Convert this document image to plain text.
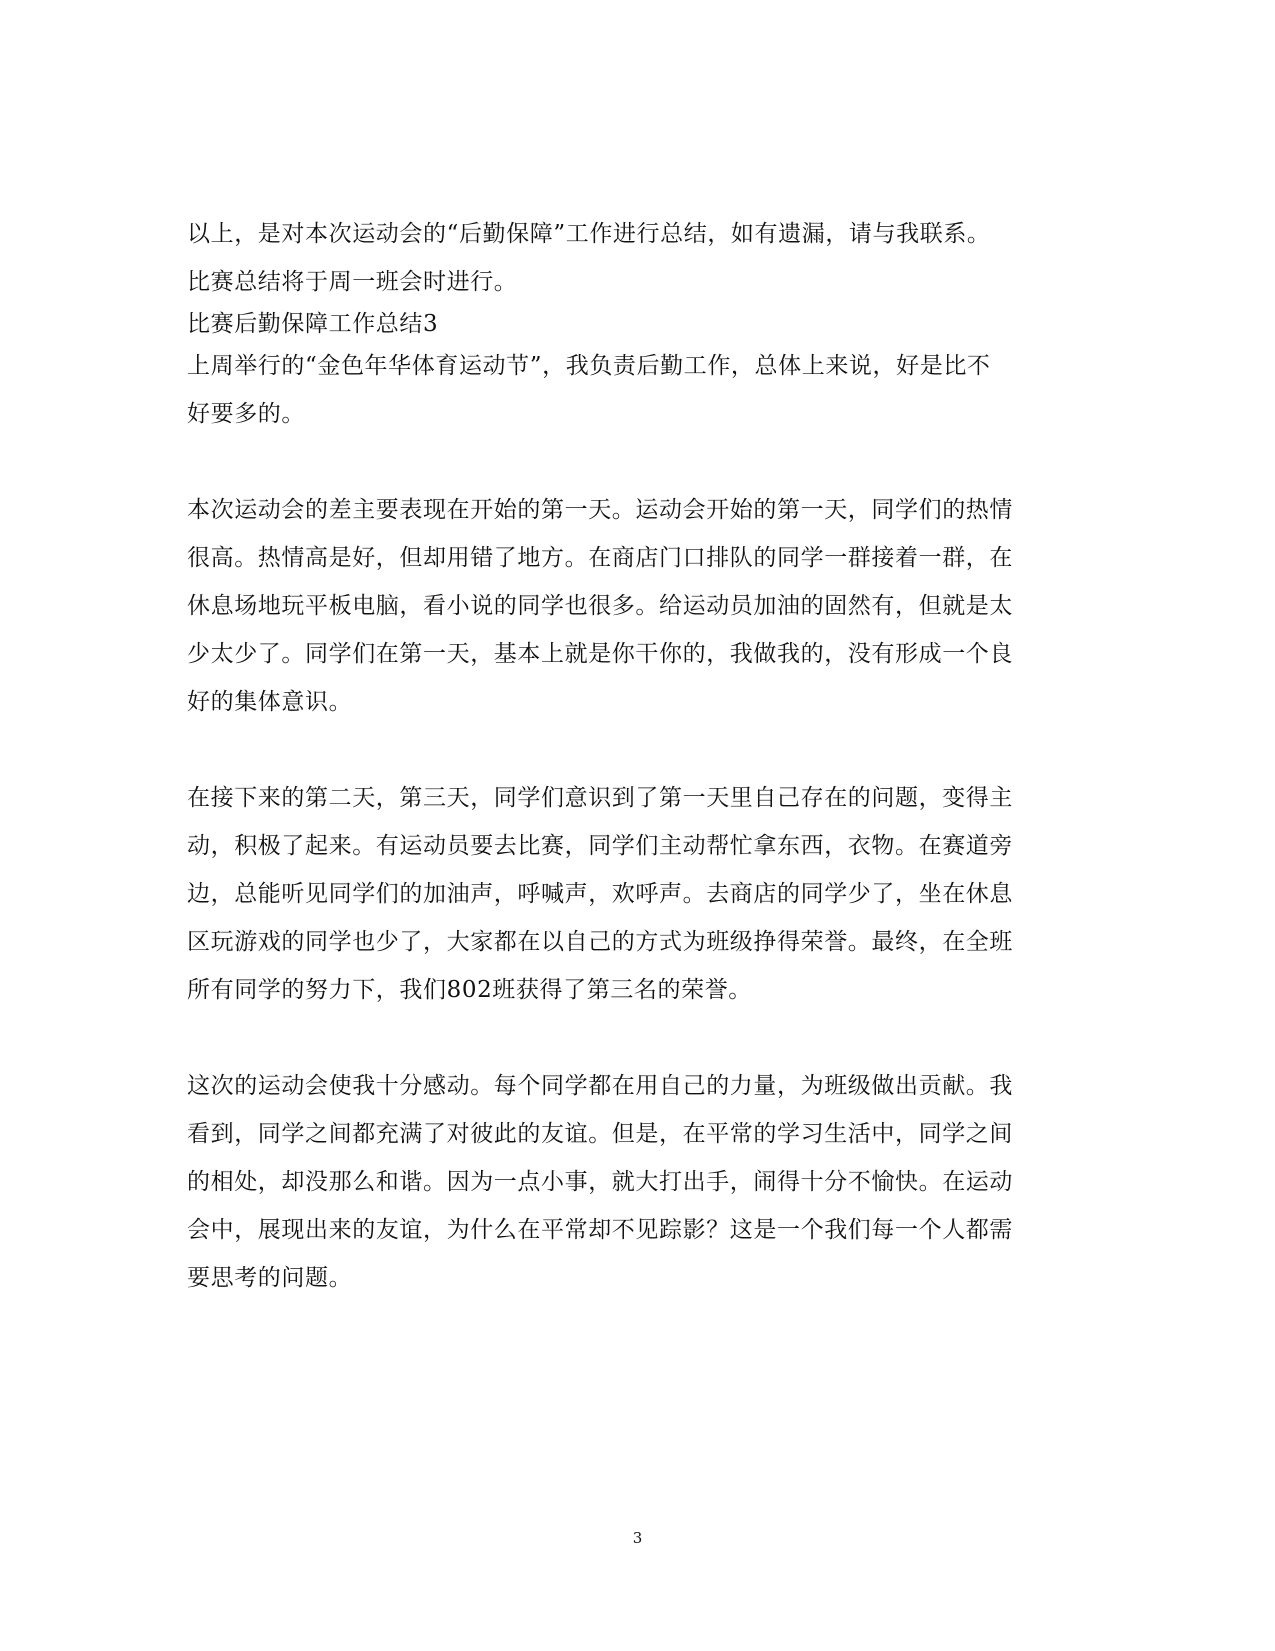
以上，是对本次运动会的“后勤保障”工作进行总结，如有遗漏，请与我联系。
比赛总结将于周一班会时进行。
比赛后勤保障工作总结3
上周举行的“金色年华体育运动节”，我负责后勤工作，总体上来说，好是比不
好要多的。
本次运动会的差主要表现在开始的第一天。运动会开始的第一天，同学们的热情
很高。热情高是好，但却用错了地方。在商店门口排队的同学一群接着一群，在
休息场地玩平板电脑，看小说的同学也很多。给运动员加油的固然有，但就是太
少太少了。同学们在第一天，基本上就是你干你的，我做我的，没有形成一个良
好的集体意识。
在接下来的第二天，第三天，同学们意识到了第一天里自己存在的问题，变得主
动，积极了起来。有运动员要去比赛，同学们主动帮忙拿东西，衣物。在赛道旁
边，总能听见同学们的加油声，呼喊声，欢呼声。去商店的同学少了，坐在休息
区玩游戏的同学也少了，大家都在以自己的方式为班级挣得荣誉。最终，在全班
所有同学的努力下，我们802班获得了第三名的荣誉。
这次的运动会使我十分感动。每个同学都在用自己的力量，为班级做出贡献。我
看到，同学之间都充满了对彼此的友谊。但是，在平常的学习生活中，同学之间
的相处，却没那么和谐。因为一点小事，就大打出手，闹得十分不愉快。在运动
会中，展现出来的友谊，为什么在平常却不见踪影？这是一个我们每一个人都需
要思考的问题。
3
